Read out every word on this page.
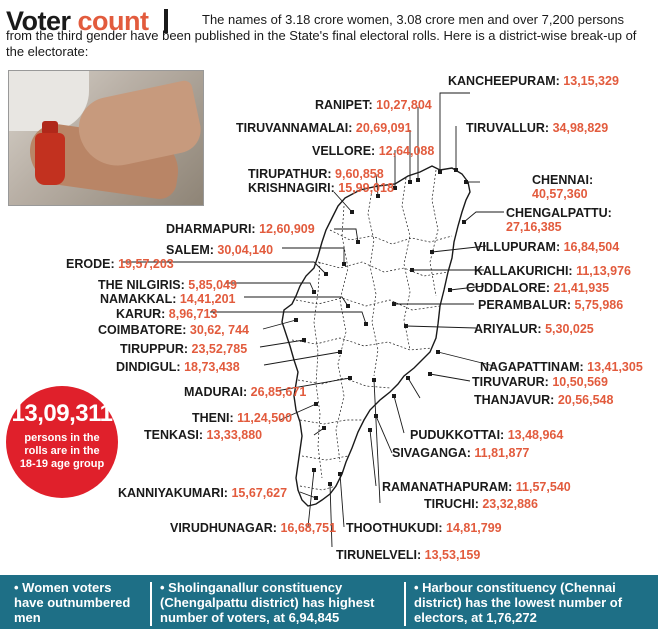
Voter count	The names of 3.18 crore women, 3.08 crore men and over 7,200 persons from the third gender have been published in the State's final electoral rolls. Here is a district-wise break-up of the electorate:

KANCHEEPURAM: 13,15,329
RANIPET: 10,27,804
TIRUVANNAMALAI: 20,69,091	TIRUVALLUR: 34,98,829
VELLORE: 12,64,088
TIRUPATHUR: 9,60,858
KRISHNAGIRI: 15,99,018
CHENNAI:
40,57,360
CHENGALPATTU:
27,16,385
DHARMAPURI: 12,60,909
SALEM: 30,04,140	VILLUPURAM: 16,84,504
ERODE: 19,57,203	KALLAKURICHI: 11,13,976
THE NILGIRIS: 5,85,049	CUDDALORE: 21,41,935
NAMAKKAL: 14,41,201	PERAMBALUR: 5,75,986
KARUR: 8,96,713
COIMBATORE: 30,62, 744	ARIYALUR: 5,30,025
TIRUPPUR: 23,52,785
DINDIGUL: 18,73,438	NAGAPATTINAM: 13,41,305
TIRUVARUR: 10,50,569
THANJAVUR: 20,56,548
MADURAI: 26,85,671
THENI: 11,24,500
TENKASI: 13,33,880	PUDUKKOTTAI: 13,48,964
SIVAGANGA: 11,81,877
RAMANATHAPURAM: 11,57,540
KANNIYAKUMARI: 15,67,627
TIRUCHI: 23,32,886
THOOTHUKUDI: 14,81,799
VIRUDHUNAGAR: 16,68,751
TIRUNELVELI: 13,53,159
13,09,311
persons in the rolls are in the 18-19 age group
• Women voters have outnumbered men
• Sholinganallur constituency (Chengalpattu district) has highest number of voters, at 6,94,845
• Harbour constituency (Chennai district) has the lowest number of electors, at 1,76,272
